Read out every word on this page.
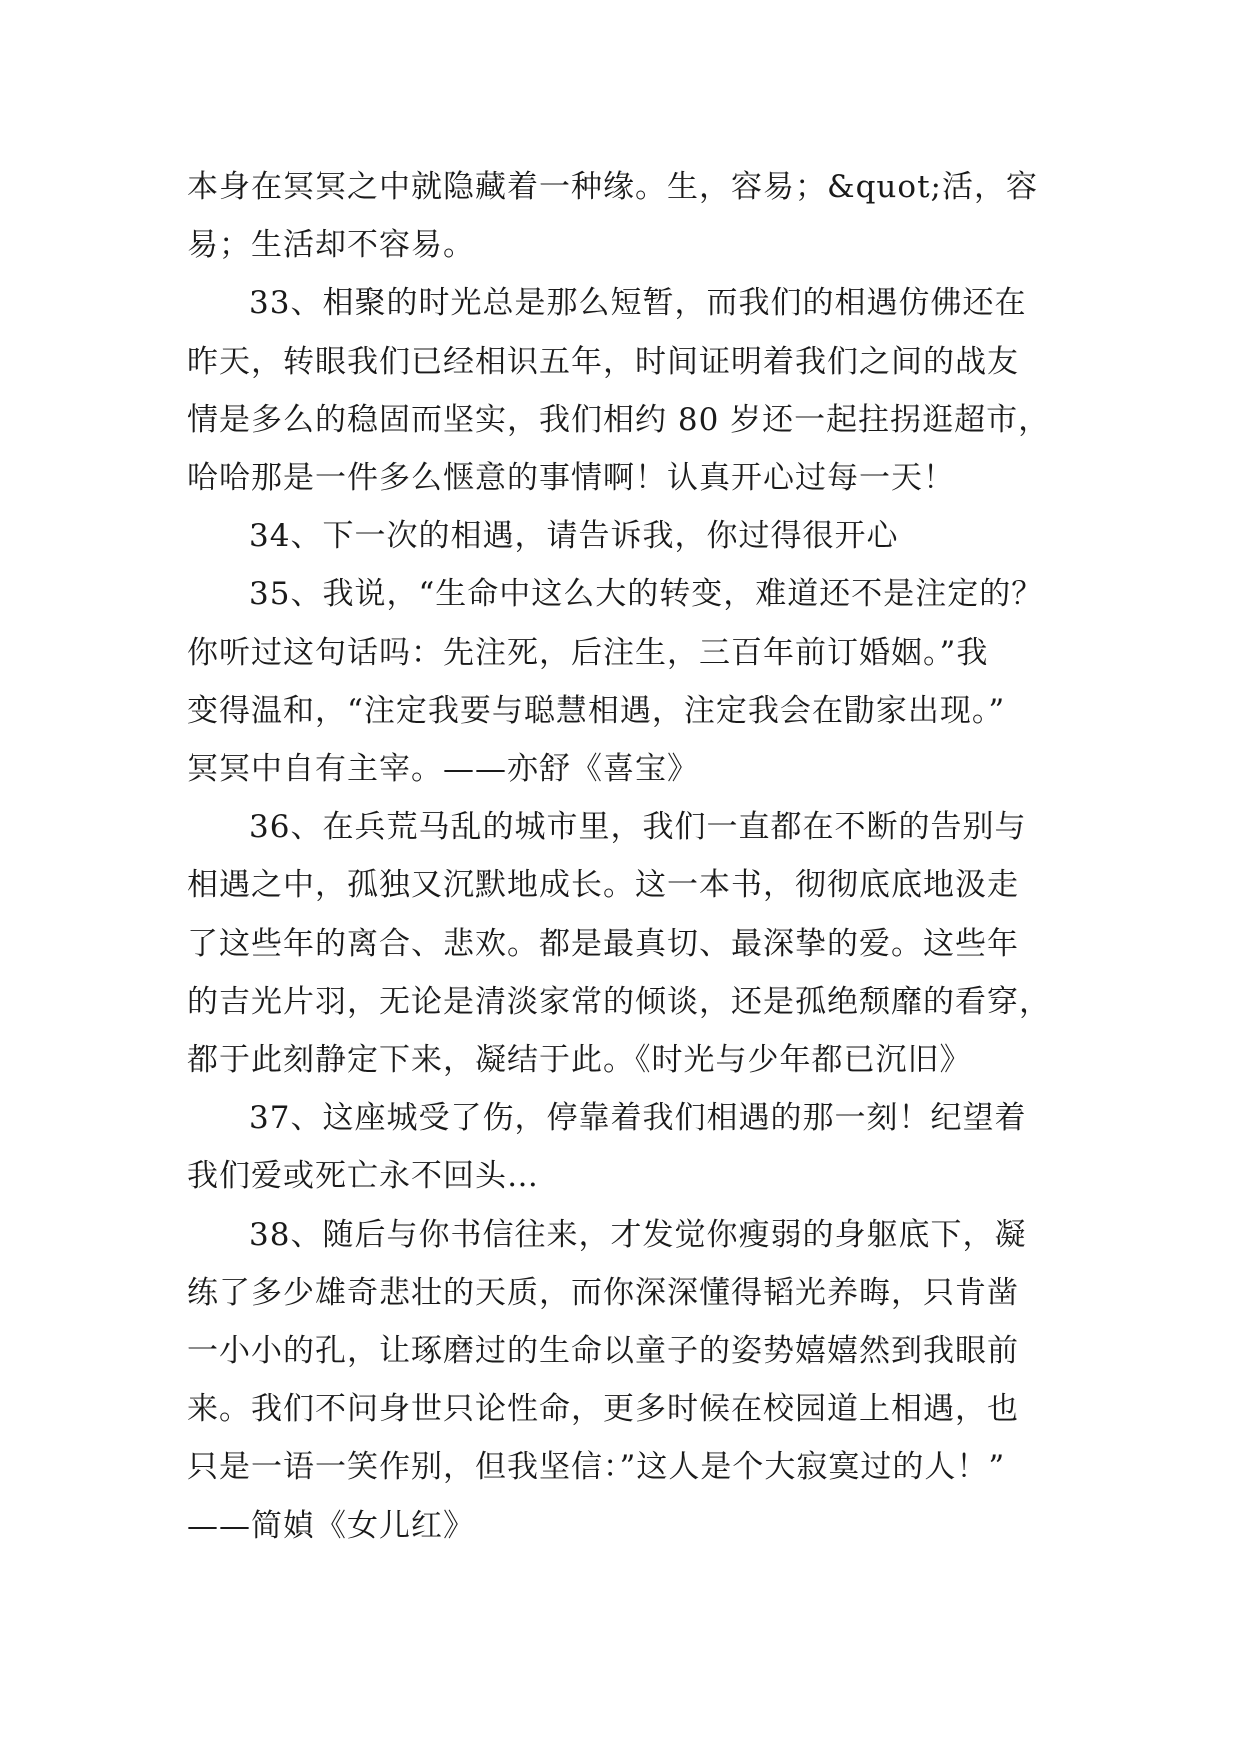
本身在冥冥之中就隐藏着一种缘。生，容易；&quot;活，容
易；生活却不容易。
33、相聚的时光总是那么短暂，而我们的相遇仿佛还在
昨天，转眼我们已经相识五年，时间证明着我们之间的战友
情是多么的稳固而坚实，我们相约 80 岁还一起拄拐逛超市，
哈哈那是一件多么惬意的事情啊！认真开心过每一天！
34、下一次的相遇，请告诉我，你过得很开心
35、我说，“生命中这么大的转变，难道还不是注定的？
你听过这句话吗：先注死，后注生，三百年前订婚姻。”我
变得温和，“注定我要与聪慧相遇，注定我会在勖家出现。”
冥冥中自有主宰。——亦舒《喜宝》
36、在兵荒马乱的城市里，我们一直都在不断的告别与
相遇之中，孤独又沉默地成长。这一本书，彻彻底底地汲走
了这些年的离合、悲欢。都是最真切、最深挚的爱。这些年
的吉光片羽，无论是清淡家常的倾谈，还是孤绝颓靡的看穿，
都于此刻静定下来，凝结于此。《时光与少年都已沉旧》
37、这座城受了伤，停靠着我们相遇的那一刻！纪望着
我们爱或死亡永不回头…
38、随后与你书信往来，才发觉你瘦弱的身躯底下，凝
练了多少雄奇悲壮的天质，而你深深懂得韬光养晦，只肯凿
一小小的孔，让琢磨过的生命以童子的姿势嬉嬉然到我眼前
来。我们不问身世只论性命，更多时候在校园道上相遇，也
只是一语一笑作别，但我坚信：”这人是个大寂寞过的人！”
——简媜《女儿红》
